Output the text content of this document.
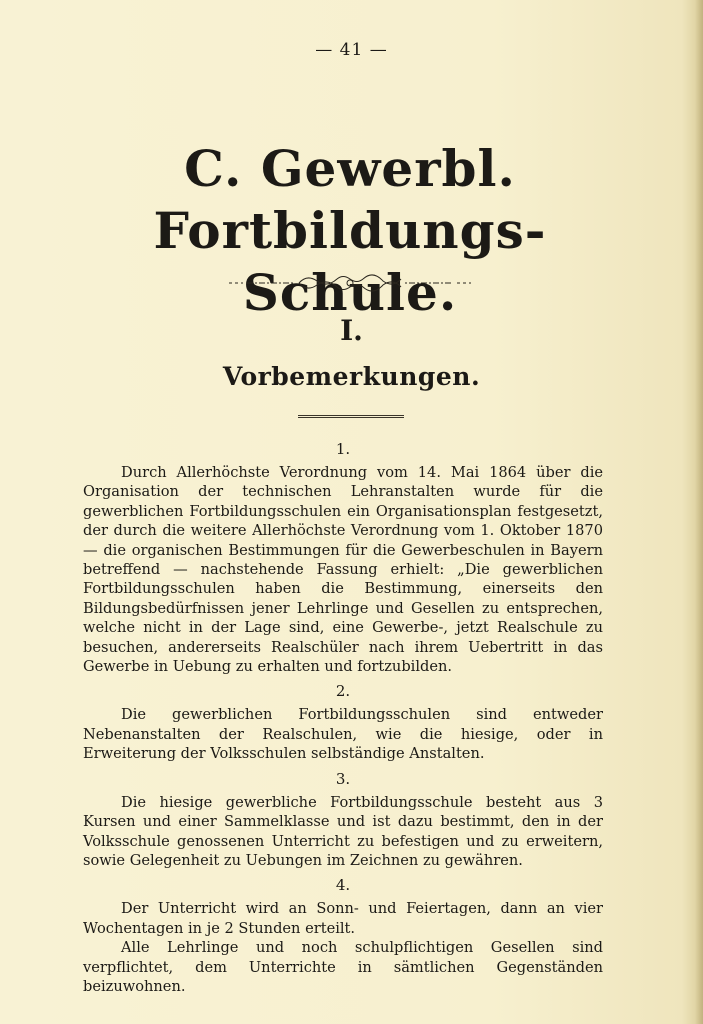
— 41 —
C. Gewerbl. Fortbildungs-Schule.
I.
Vorbemerkungen.
1.

Durch Allerhöchste Verordnung vom 14. Mai 1864 über die Organisation der technischen Lehranstalten wurde für die gewerblichen Fortbildungsschulen ein Organisationsplan festgesetzt, der durch die weitere Allerhöchste Verordnung vom 1. Oktober 1870 — die organischen Bestimmungen für die Gewerbeschulen in Bayern betreffend — nachstehende Fassung erhielt: „Die gewerblichen Fortbildungsschulen haben die Bestimmung, einerseits den Bildungsbedürfnissen jener Lehrlinge und Gesellen zu entsprechen, welche nicht in der Lage sind, eine Gewerbe-, jetzt Realschule zu besuchen, andererseits Realschüler nach ihrem Uebertritt in das Gewerbe in Uebung zu erhalten und fortzubilden.

2.

Die gewerblichen Fortbildungsschulen sind entweder Nebenanstalten der Realschulen, wie die hiesige, oder in Erweiterung der Volksschulen selbständige Anstalten.

3.

Die hiesige gewerbliche Fortbildungsschule besteht aus 3 Kursen und einer Sammelklasse und ist dazu bestimmt, den in der Volksschule genossenen Unterricht zu befestigen und zu erweitern, sowie Gelegenheit zu Uebungen im Zeichnen zu gewähren.

4.

Der Unterricht wird an Sonn- und Feiertagen, dann an vier Wochentagen in je 2 Stunden erteilt.

Alle Lehrlinge und noch schulpflichtigen Gesellen sind verpflichtet, dem Unterrichte in sämtlichen Gegenständen beizuwohnen.
